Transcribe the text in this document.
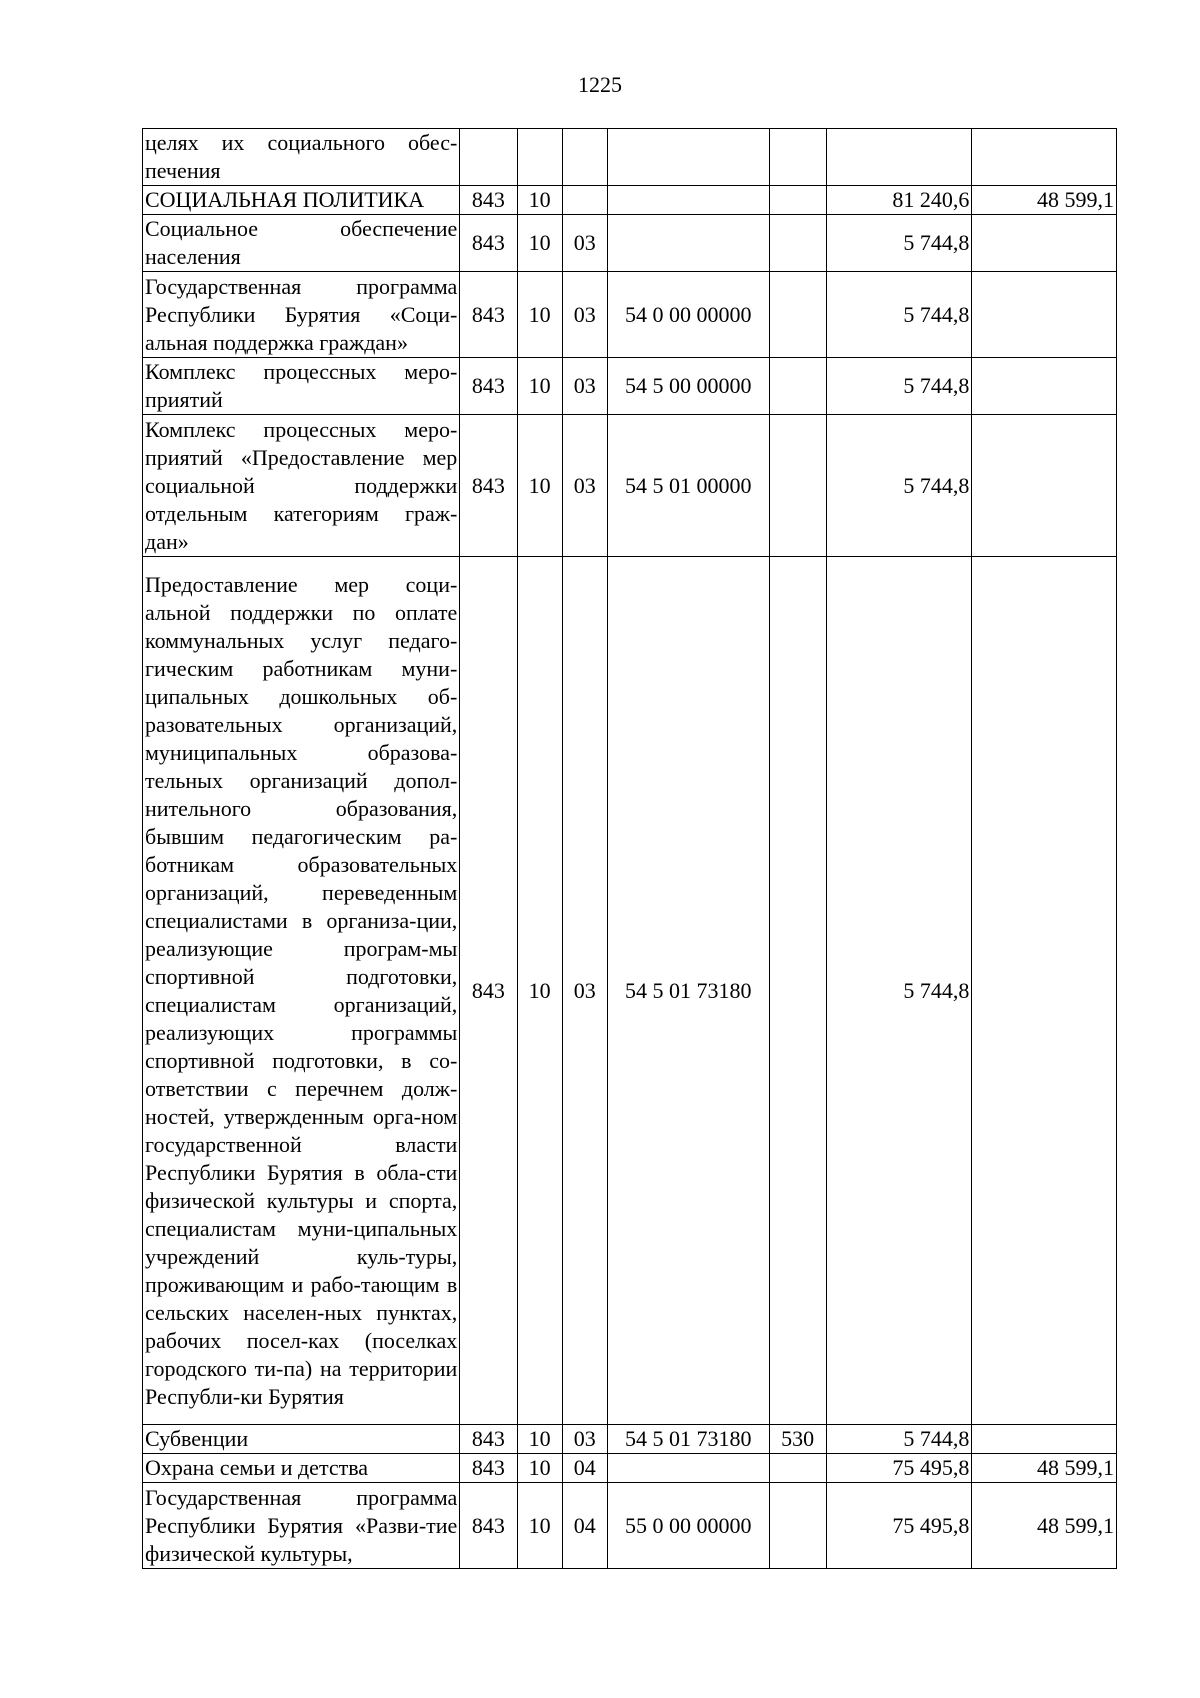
1225
целях их социального обес-печения							
СОЦИАЛЬНАЯ ПОЛИТИКА	843	10				81 240,6	48 599,1
Социальное обеспечение населения	843	10	03			5 744,8	
Государственная программа Республики Бурятия «Соци-альная поддержка граждан»	843	10	03	54 0 00 00000		5 744,8	
Комплекс процессных меро-приятий	843	10	03	54 5 00 00000		5 744,8	
Комплекс процессных меро-приятий «Предоставление мер социальной поддержки отдельным категориям граж-дан»	843	10	03	54 5 01 00000		5 744,8	
Предоставление мер соци-альной поддержки по оплате коммунальных услуг педаго-гическим работникам муни-ципальных дошкольных об-разовательных организаций, муниципальных образова-тельных организаций допол-нительного образования, бывшим педагогическим ра-ботникам образовательных организаций, переведенным специалистами в организа-ции, реализующие програм-мы спортивной подготовки, специалистам организаций, реализующих программы спортивной подготовки, в со-ответствии с перечнем долж-ностей, утвержденным орга-ном государственной власти Республики Бурятия в обла-сти физической культуры и спорта, специалистам муни-ципальных учреждений куль-туры, проживающим и рабо-тающим в сельских населен-ных пунктах, рабочих посел-ках (поселках городского ти-па) на территории Республи-ки Бурятия	843	10	03	54 5 01 73180		5 744,8	
Субвенции	843	10	03	54 5 01 73180	530	5 744,8	
Охрана семьи и детства	843	10	04			75 495,8	48 599,1
Государственная программа Республики Бурятия «Разви-тие физической культуры,	843	10	04	55 0 00 00000		75 495,8	48 599,1
